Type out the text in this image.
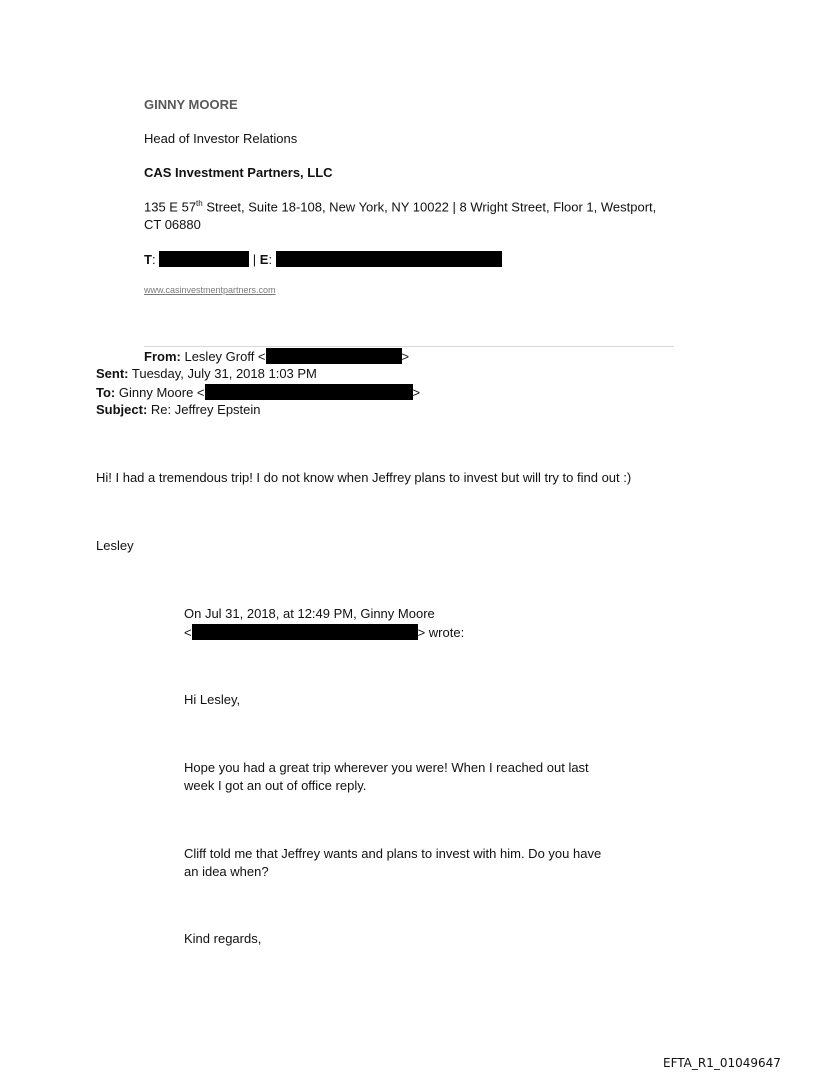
GINNY MOORE
Head of Investor Relations
CAS Investment Partners, LLC
135 E 57th Street, Suite 18-108, New York, NY 10022 | 8 Wright Street, Floor 1, Westport,
CT 06880
T:	| E:
www.casinvestmentpartners.com
From: Lesley Groff <	>
Sent: Tuesday, July 31, 2018 1:03 PM
To: Ginny Moore <	>
Subject: Re: Jeffrey Epstein
Hi! I had a tremendous trip! I do not know when Jeffrey plans to invest but will try to find out :)
Lesley
On Jul 31, 2018, at 12:49 PM, Ginny Moore
<	> wrote:
Hi Lesley,
Hope you had a great trip wherever you were! When I reached out last
week I got an out of office reply.
Cliff told me that Jeffrey wants and plans to invest with him. Do you have
an idea when?
Kind regards,
EFTA_R1_01049647
